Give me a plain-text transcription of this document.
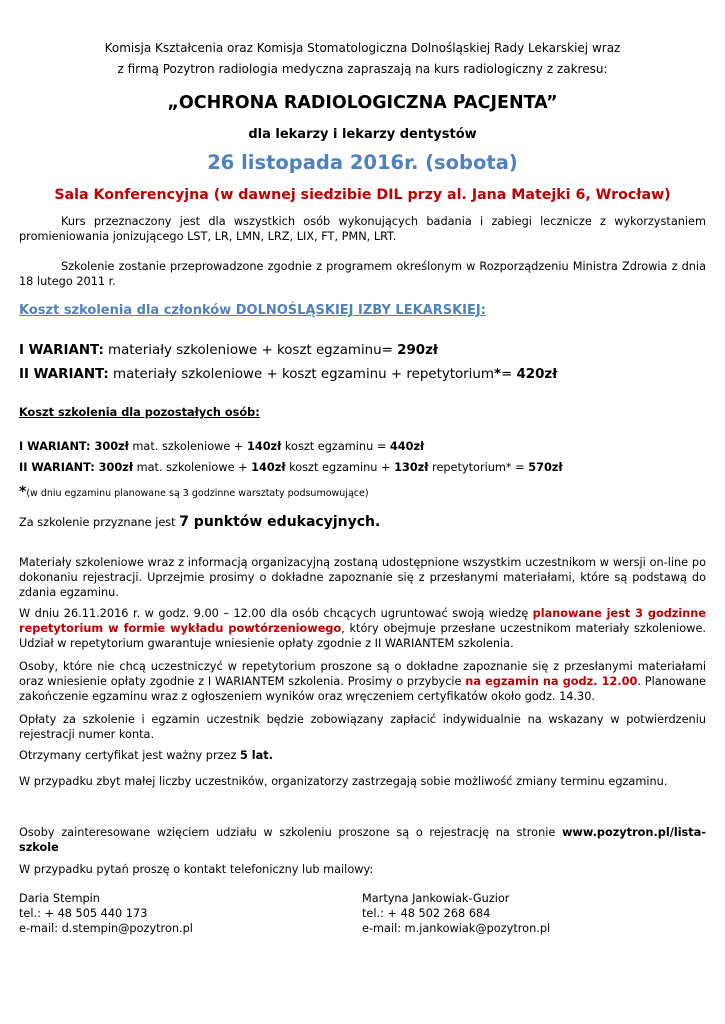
Komisja Kształcenia oraz Komisja Stomatologiczna Dolnośląskiej Rady Lekarskiej wraz
z firmą Pozytron radiologia medyczna zapraszają na kurs radiologiczny z zakresu:
„OCHRONA RADIOLOGICZNA PACJENTA”
dla lekarzy i lekarzy dentystów
26 listopada 2016r. (sobota)
Sala Konferencyjna (w dawnej siedzibie DIL przy al. Jana Matejki 6, Wrocław)
Kurs przeznaczony jest dla wszystkich osób wykonujących badania i zabiegi lecznicze z wykorzystaniem promieniowania jonizującego LST, LR, LMN, LRZ, LIX, FT, PMN, LRT.
Szkolenie zostanie przeprowadzone zgodnie z programem określonym w Rozporządzeniu Ministra Zdrowia z dnia 18 lutego 2011 r.
Koszt szkolenia dla członków DOLNOŚLĄSKIEJ IZBY LEKARSKIEJ:
I WARIANT: materiały szkoleniowe + koszt egzaminu= 290zł
II WARIANT: materiały szkoleniowe + koszt egzaminu + repetytorium*= 420zł
Koszt szkolenia dla pozostałych osób:
I WARIANT: 300zł mat. szkoleniowe + 140zł koszt egzaminu = 440zł
II WARIANT: 300zł mat. szkoleniowe + 140zł koszt egzaminu + 130zł repetytorium* = 570zł
*(w dniu egzaminu planowane są 3 godzinne warsztaty podsumowujące)
Za szkolenie przyznane jest 7 punktów edukacyjnych.
Materiały szkoleniowe wraz z informacją organizacyjną zostaną udostępnione wszystkim uczestnikom w wersji on-line po dokonaniu rejestracji. Uprzejmie prosimy o dokładne zapoznanie się z przesłanymi materiałami, które są podstawą do zdania egzaminu.
W dniu 26.11.2016 r. w godz. 9.00 – 12.00 dla osób chcących ugruntować swoją wiedzę planowane jest 3 godzinne repetytorium w formie wykładu powtórzeniowego, który obejmuje przesłane uczestnikom materiały szkoleniowe. Udział w repetytorium gwarantuje wniesienie opłaty zgodnie z II WARIANTEM szkolenia.
Osoby, które nie chcą uczestniczyć w repetytorium proszone są o dokładne zapoznanie się z przesłanymi materiałami oraz wniesienie opłaty zgodnie z I WARIANTEM szkolenia. Prosimy o przybycie na egzamin na godz. 12.00. Planowane zakończenie egzaminu wraz z ogłoszeniem wyników oraz wręczeniem certyfikatów około godz. 14.30.
Opłaty za szkolenie i egzamin uczestnik będzie zobowiązany zapłacić indywidualnie na wskazany w potwierdzeniu rejestracji numer konta.
Otrzymany certyfikat jest ważny przez 5 lat.
W przypadku zbyt małej liczby uczestników, organizatorzy zastrzegają sobie możliwość zmiany terminu egzaminu.
Osoby zainteresowane wzięciem udziału w szkoleniu proszone są o rejestrację na stronie www.pozytron.pl/lista-szkole
W przypadku pytań proszę o kontakt telefoniczny lub mailowy:
Daria Stempin
tel.: + 48 505 440 173
e-mail: d.stempin@pozytron.pl
Martyna Jankowiak-Guzior
tel.: + 48 502 268 684
e-mail: m.jankowiak@pozytron.pl
